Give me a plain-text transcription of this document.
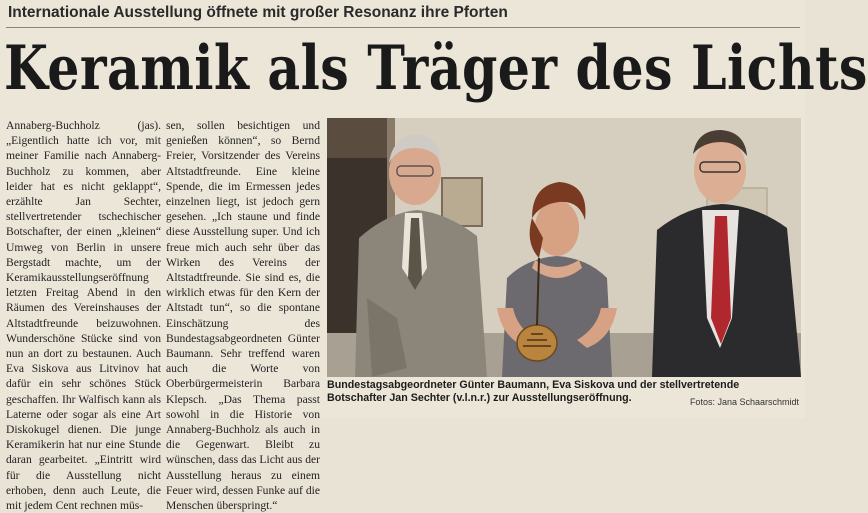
Internationale Ausstellung öffnete mit großer Resonanz ihre Pforten
Keramik als Träger des Lichts

Annaberg-Buchholz (jas). „Eigentlich hatte ich vor, mit meiner Familie nach Annaberg-Buchholz zu kommen, aber leider hat es nicht geklappt“, erzählte Jan Sechter, stellvertretender tschechischer Botschafter, der einen „kleinen“ Umweg von Berlin in unsere Bergstadt machte, um der Keramikausstellungseröffnung letzten Freitag Abend in den Räumen des Vereinshauses der Altstadtfreunde beizuwohnen. Wunderschöne Stücke sind von nun an dort zu bestaunen. Auch Eva Siskova aus Litvinov hat dafür ein sehr schönes Stück geschaffen. Ihr Walfisch kann als Laterne oder sogar als eine Art Diskokugel dienen. Die junge Keramikerin hat nur eine Stunde daran gearbeitet. „Eintritt wird für die Ausstellung nicht erhoben, denn auch Leute, die mit jedem Cent rechnen müs-

sen, sollen besichtigen und genießen können“, so Bernd Freier, Vorsitzender des Vereins Altstadtfreunde. Eine kleine Spende, die im Ermessen jedes einzelnen liegt, ist jedoch gern gesehen. „Ich staune und finde diese Ausstellung super. Und ich freue mich auch sehr über das Wirken des Vereins der Altstadtfreunde. Sie sind es, die wirklich etwas für den Kern der Altstadt tun“, so die spontane Einschätzung des Bundestagsabgeordneten Günter Baumann. Sehr treffend waren auch die Worte von Oberbürgermeisterin Barbara Klepsch. „Das Thema passt sowohl in die Historie von Annaberg-Buchholz als auch in die Gegenwart. Bleibt zu wünschen, dass das Licht aus der Ausstellung heraus zu einem Feuer wird, dessen Funke auf die Menschen überspringt.“

Bundestagsabgeordneter Günter Baumann, Eva Siskova und der stellvertretende Botschafter Jan Sechter (v.l.n.r.) zur Ausstellungseröffnung.	Fotos: Jana Schaarschmidt
